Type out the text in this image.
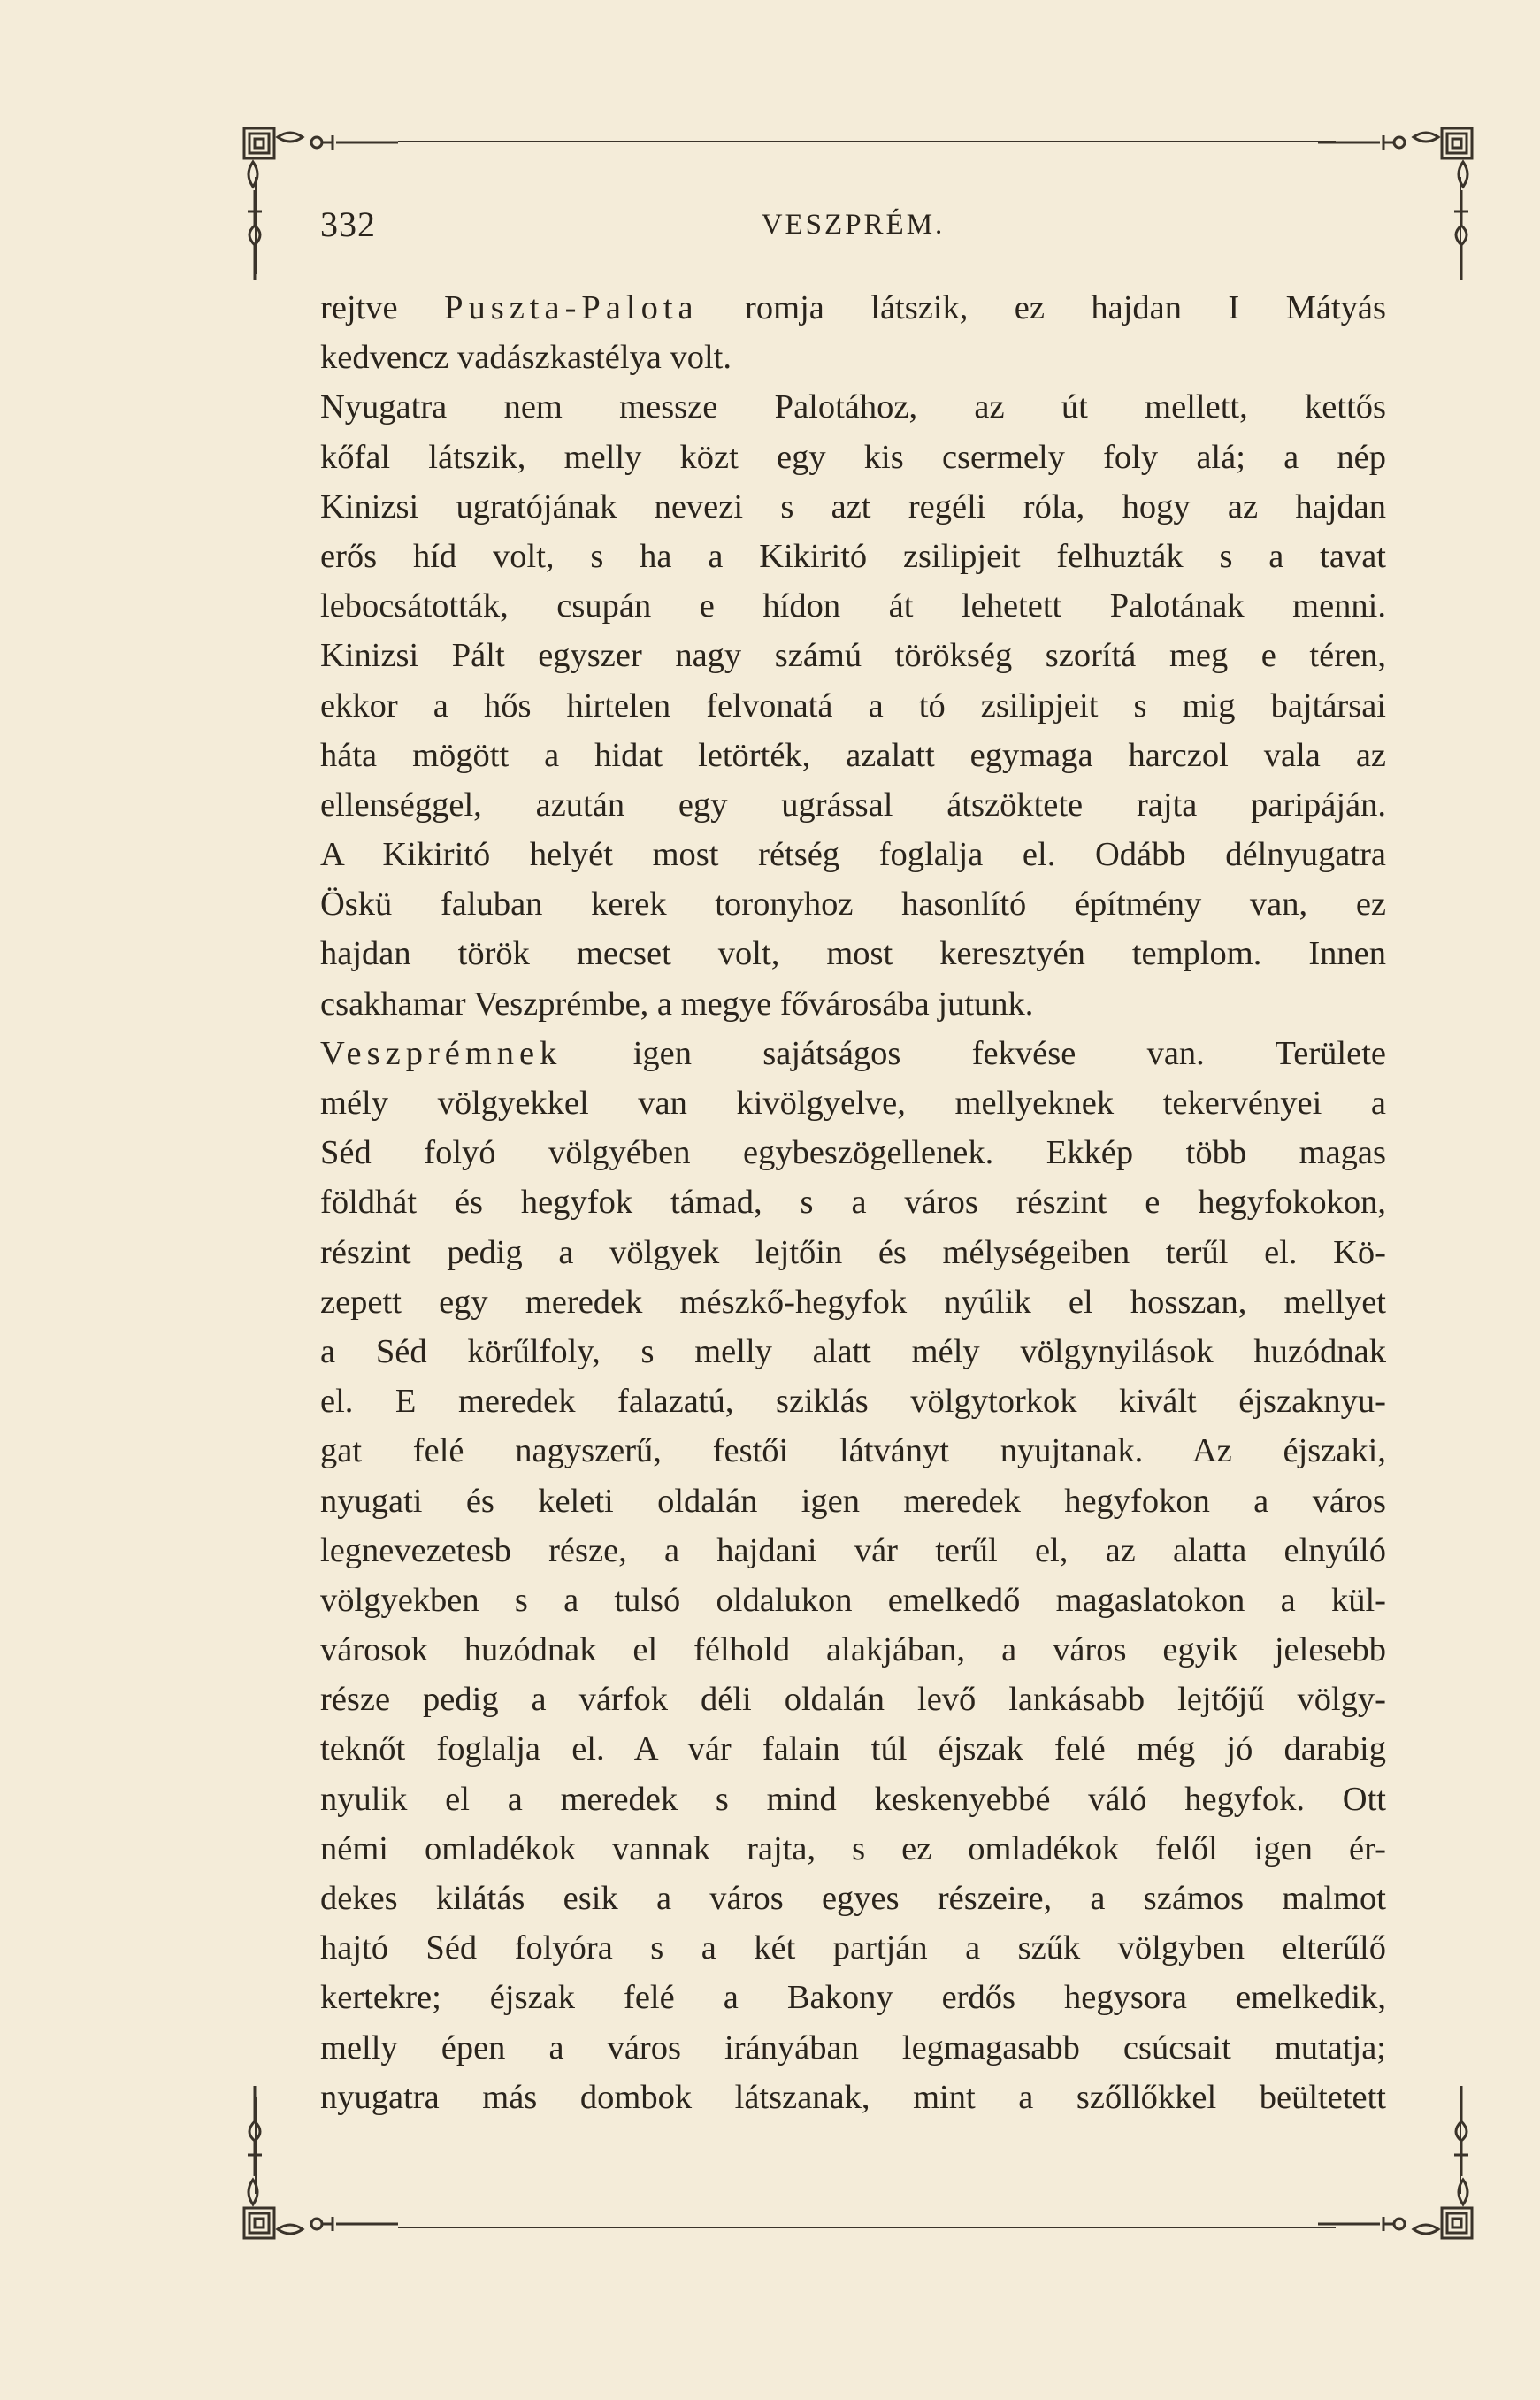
332	VESZPRÉM.
rejtve Puszta-Palota romja látszik, ez hajdan I Mátyás
kedvencz vadászkastélya volt.
Nyugatra nem messze Palotához, az út mellett, kettős
kőfal látszik, melly közt egy kis csermely foly alá; a nép
Kinizsi ugratójának nevezi s azt regéli róla, hogy az hajdan
erős híd volt, s ha a Kikiritó zsilipjeit felhuzták s a tavat
lebocsátották, csupán e hídon át lehetett Palotának menni.
Kinizsi Pált egyszer nagy számú törökség szorítá meg e téren,
ekkor a hős hirtelen felvonatá a tó zsilipjeit s mig bajtársai
háta mögött a hidat letörték, azalatt egymaga harczol vala az
ellenséggel, azután egy ugrással átszöktete rajta paripáján.
A Kikiritó helyét most rétség foglalja el. Odább délnyugatra
Öskü faluban kerek toronyhoz hasonlító építmény van, ez
hajdan török mecset volt, most keresztyén templom. Innen
csakhamar Veszprémbe, a megye fővárosába jutunk.
Veszprémnek igen sajátságos fekvése van. Területe
mély völgyekkel van kivölgyelve, mellyeknek tekervényei a
Séd folyó völgyében egybeszögellenek. Ekkép több magas
földhát és hegyfok támad, s a város részint e hegyfokokon,
részint pedig a völgyek lejtőin és mélységeiben terűl el. Kö-
zepett egy meredek mészkő-hegyfok nyúlik el hosszan, mellyet
a Séd körűlfoly, s melly alatt mély völgynyilások huzódnak
el. E meredek falazatú, sziklás völgytorkok kivált éjszaknyu-
gat felé nagyszerű, festői látványt nyujtanak. Az éjszaki,
nyugati és keleti oldalán igen meredek hegyfokon a város
legnevezetesb része, a hajdani vár terűl el, az alatta elnyúló
völgyekben s a tulsó oldalukon emelkedő magaslatokon a kül-
városok huzódnak el félhold alakjában, a város egyik jelesebb
része pedig a várfok déli oldalán levő lankásabb lejtőjű völgy-
teknőt foglalja el. A vár falain túl éjszak felé még jó darabig
nyulik el a meredek s mind keskenyebbé váló hegyfok. Ott
némi omladékok vannak rajta, s ez omladékok felől igen ér-
dekes kilátás esik a város egyes részeire, a számos malmot
hajtó Séd folyóra s a két partján a szűk völgyben elterűlő
kertekre; éjszak felé a Bakony erdős hegysora emelkedik,
melly épen a város irányában legmagasabb csúcsait mutatja;
nyugatra más dombok látszanak, mint a szőllőkkel beültetett
